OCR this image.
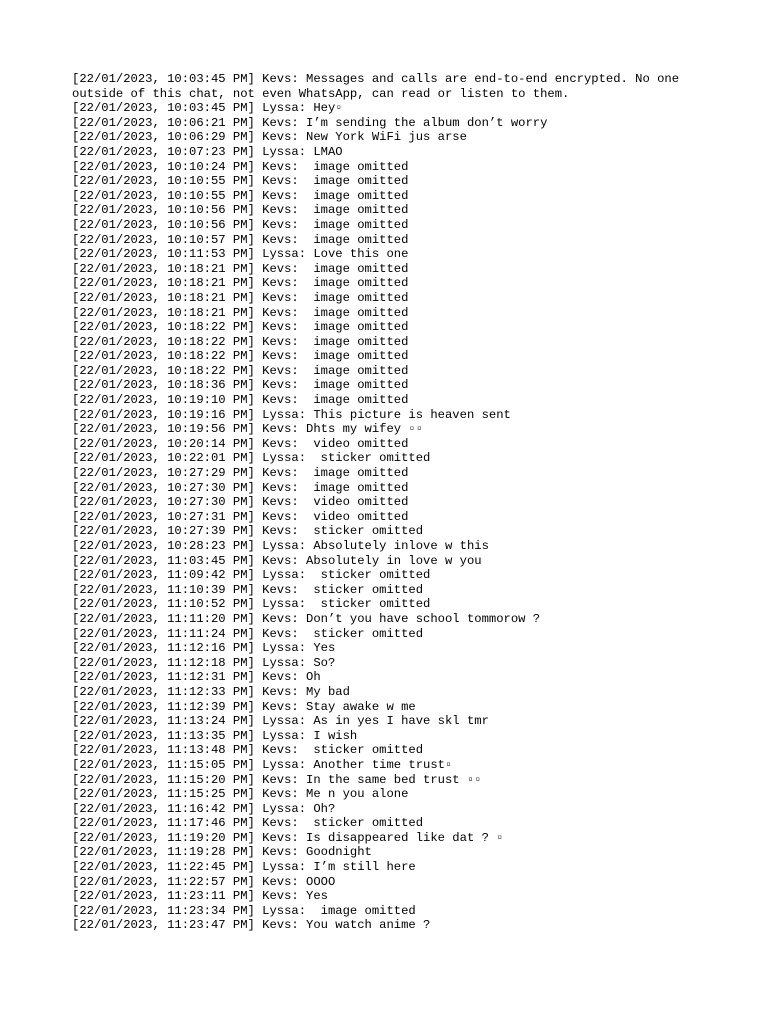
[22/01/2023, 10:03:45 PM] Kevs: Messages and calls are end-to-end encrypted. No one outside of this chat, not even WhatsApp, can read or listen to them.
[22/01/2023, 10:03:45 PM] Lyssa: Hey▫
[22/01/2023, 10:06:21 PM] Kevs: I’m sending the album don’t worry
[22/01/2023, 10:06:29 PM] Kevs: New York WiFi jus arse
[22/01/2023, 10:07:23 PM] Lyssa: LMAO
[22/01/2023, 10:10:24 PM] Kevs:  image omitted
[22/01/2023, 10:10:55 PM] Kevs:  image omitted
[22/01/2023, 10:10:55 PM] Kevs:  image omitted
[22/01/2023, 10:10:56 PM] Kevs:  image omitted
[22/01/2023, 10:10:56 PM] Kevs:  image omitted
[22/01/2023, 10:10:57 PM] Kevs:  image omitted
[22/01/2023, 10:11:53 PM] Lyssa: Love this one
[22/01/2023, 10:18:21 PM] Kevs:  image omitted
[22/01/2023, 10:18:21 PM] Kevs:  image omitted
[22/01/2023, 10:18:21 PM] Kevs:  image omitted
[22/01/2023, 10:18:21 PM] Kevs:  image omitted
[22/01/2023, 10:18:22 PM] Kevs:  image omitted
[22/01/2023, 10:18:22 PM] Kevs:  image omitted
[22/01/2023, 10:18:22 PM] Kevs:  image omitted
[22/01/2023, 10:18:22 PM] Kevs:  image omitted
[22/01/2023, 10:18:36 PM] Kevs:  image omitted
[22/01/2023, 10:19:10 PM] Kevs:  image omitted
[22/01/2023, 10:19:16 PM] Lyssa: This picture is heaven sent
[22/01/2023, 10:19:56 PM] Kevs: Dhts my wifey ▫▫
[22/01/2023, 10:20:14 PM] Kevs:  video omitted
[22/01/2023, 10:22:01 PM] Lyssa:  sticker omitted
[22/01/2023, 10:27:29 PM] Kevs:  image omitted
[22/01/2023, 10:27:30 PM] Kevs:  image omitted
[22/01/2023, 10:27:30 PM] Kevs:  video omitted
[22/01/2023, 10:27:31 PM] Kevs:  video omitted
[22/01/2023, 10:27:39 PM] Kevs:  sticker omitted
[22/01/2023, 10:28:23 PM] Lyssa: Absolutely inlove w this
[22/01/2023, 11:03:45 PM] Kevs: Absolutely in love w you
[22/01/2023, 11:09:42 PM] Lyssa:  sticker omitted
[22/01/2023, 11:10:39 PM] Kevs:  sticker omitted
[22/01/2023, 11:10:52 PM] Lyssa:  sticker omitted
[22/01/2023, 11:11:20 PM] Kevs: Don’t you have school tommorow ?
[22/01/2023, 11:11:24 PM] Kevs:  sticker omitted
[22/01/2023, 11:12:16 PM] Lyssa: Yes
[22/01/2023, 11:12:18 PM] Lyssa: So?
[22/01/2023, 11:12:31 PM] Kevs: Oh
[22/01/2023, 11:12:33 PM] Kevs: My bad
[22/01/2023, 11:12:39 PM] Kevs: Stay awake w me
[22/01/2023, 11:13:24 PM] Lyssa: As in yes I have skl tmr
[22/01/2023, 11:13:35 PM] Lyssa: I wish
[22/01/2023, 11:13:48 PM] Kevs:  sticker omitted
[22/01/2023, 11:15:05 PM] Lyssa: Another time trust▫
[22/01/2023, 11:15:20 PM] Kevs: In the same bed trust ▫▫
[22/01/2023, 11:15:25 PM] Kevs: Me n you alone
[22/01/2023, 11:16:42 PM] Lyssa: Oh?
[22/01/2023, 11:17:46 PM] Kevs:  sticker omitted
[22/01/2023, 11:19:20 PM] Kevs: Is disappeared like dat ? ▫
[22/01/2023, 11:19:28 PM] Kevs: Goodnight
[22/01/2023, 11:22:45 PM] Lyssa: I’m still here
[22/01/2023, 11:22:57 PM] Kevs: OOOO
[22/01/2023, 11:23:11 PM] Kevs: Yes
[22/01/2023, 11:23:34 PM] Lyssa:  image omitted
[22/01/2023, 11:23:47 PM] Kevs: You watch anime ?
